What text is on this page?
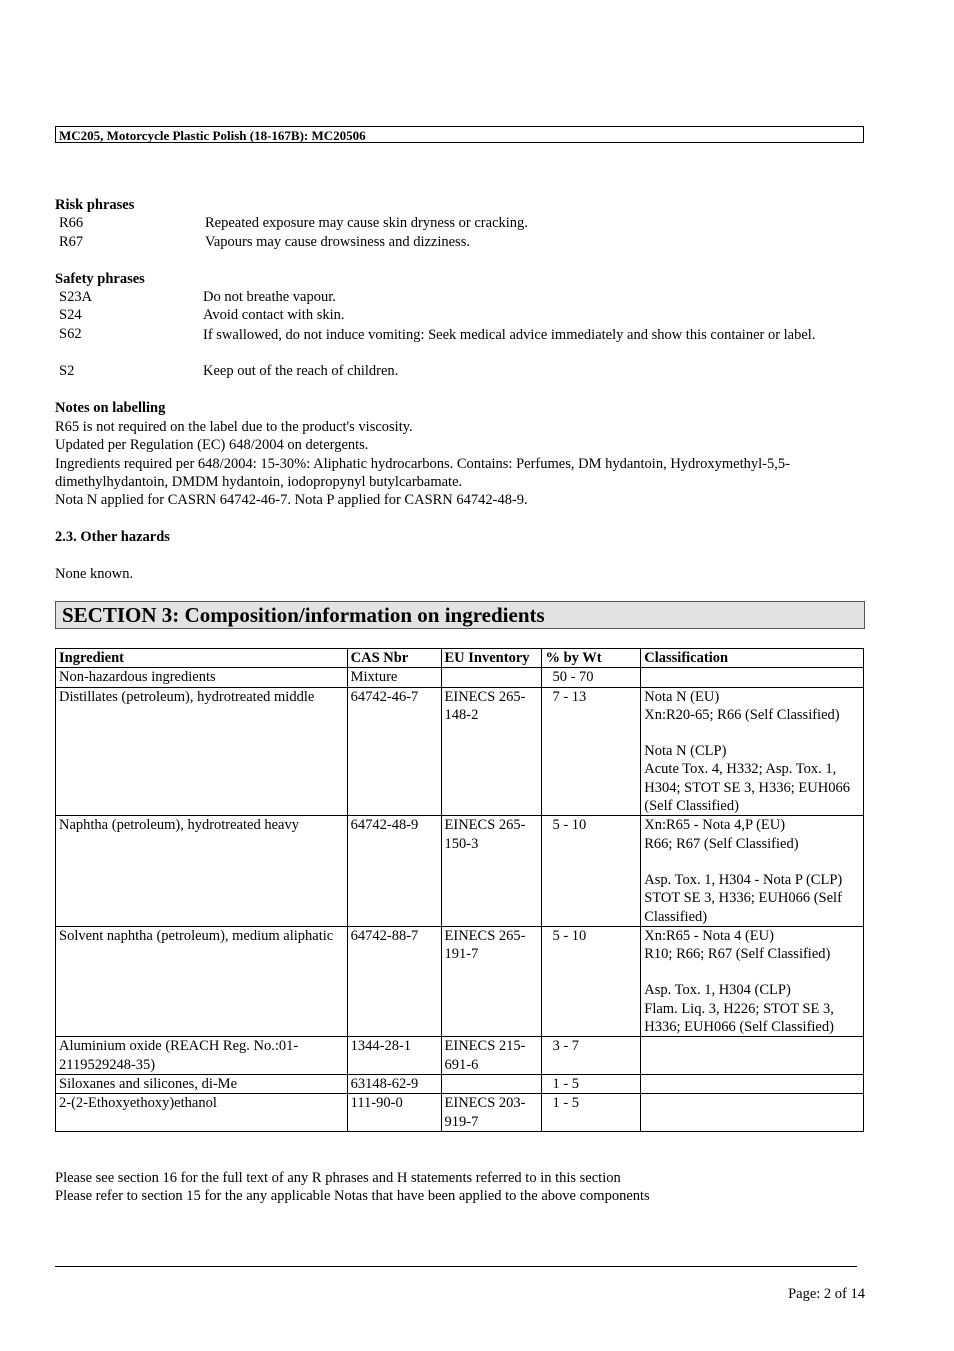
MC205, Motorcycle Plastic Polish (18-167B): MC20506
Risk phrases
R66	Repeated exposure may cause skin dryness or cracking.
R67	Vapours may cause drowsiness and dizziness.
Safety phrases
S23A	Do not breathe vapour.
S24	Avoid contact with skin.
S62	If swallowed, do not induce vomiting: Seek medical advice immediately and show this container or label.
S2	Keep out of the reach of children.
Notes on labelling
R65 is not required on the label due to the product's viscosity.
Updated per Regulation (EC) 648/2004 on detergents.
Ingredients required per 648/2004: 15-30%: Aliphatic hydrocarbons. Contains: Perfumes, DM hydantoin, Hydroxymethyl-5,5-dimethylhydantoin, DMDM hydantoin, iodopropynyl butylcarbamate.
Nota N applied for CASRN 64742-46-7. Nota P applied for CASRN 64742-48-9.
2.3. Other hazards
None known.
SECTION 3: Composition/information on ingredients
Ingredient	CAS Nbr	EU Inventory	% by Wt	Classification
Non-hazardous ingredients	Mixture		50 - 70	
Distillates (petroleum), hydrotreated middle	64742-46-7	EINECS 265-148-2	7 - 13	Nota N (EU)
Xn:R20-65; R66 (Self Classified)
Nota N (CLP)
Acute Tox. 4, H332; Asp. Tox. 1, H304; STOT SE 3, H336; EUH066 (Self Classified)

Naphtha (petroleum), hydrotreated heavy	64742-48-9	EINECS 265-150-3	5 - 10	Xn:R65 - Nota 4,P (EU)
R66; R67 (Self Classified)
Asp. Tox. 1, H304 - Nota P (CLP)
STOT SE 3, H336; EUH066 (Self Classified)

Solvent naphtha (petroleum), medium aliphatic	64742-88-7	EINECS 265-191-7	5 - 10	Xn:R65 - Nota 4 (EU)
R10; R66; R67 (Self Classified)
Asp. Tox. 1, H304 (CLP)
Flam. Liq. 3, H226; STOT SE 3, H336; EUH066 (Self Classified)

Aluminium oxide (REACH Reg. No.:01-2119529248-35)	1344-28-1	EINECS 215-691-6	3 - 7	
Siloxanes and silicones, di-Me	63148-62-9		1 - 5	
2-(2-Ethoxyethoxy)ethanol	111-90-0	EINECS 203-919-7	1 - 5	
Please see section 16 for the full text of any R phrases and H statements referred to in this section
Please refer to section 15 for the any applicable Notas that have been applied to the above components
Page: 2 of 14
